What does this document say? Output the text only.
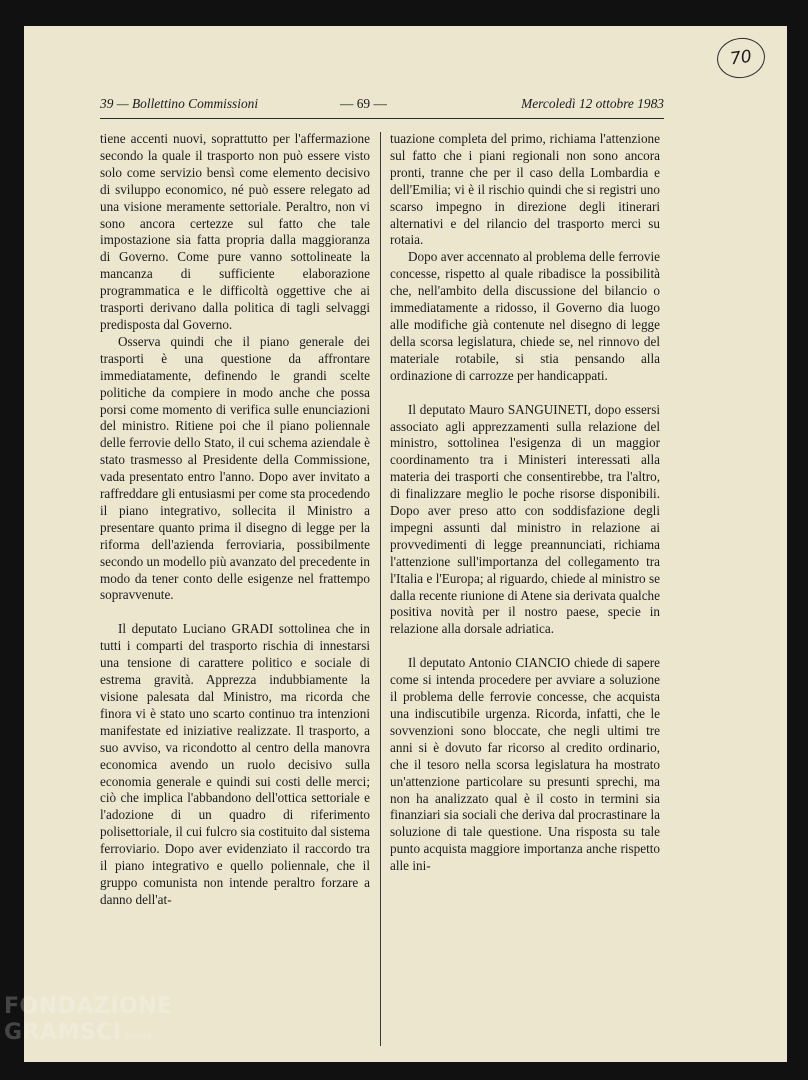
70
39 — Bollettino Commissioni	— 69 —	Mercoledì 12 ottobre 1983

tiene accenti nuovi, soprattutto per l'affermazione secondo la quale il trasporto non può essere visto solo come servizio bensì come elemento decisivo di sviluppo economico, né può essere relegato ad una visione meramente settoriale. Peraltro, non vi sono ancora certezze sul fatto che tale impostazione sia fatta propria dalla maggioranza di Governo. Come pure vanno sottolineate la mancanza di sufficiente elaborazione programmatica e le difficoltà oggettive che ai trasporti derivano dalla politica di tagli selvaggi predisposta dal Governo.

Osserva quindi che il piano generale dei trasporti è una questione da affrontare immediatamente, definendo le grandi scelte politiche da compiere in modo anche che possa porsi come momento di verifica sulle enunciazioni del ministro. Ritiene poi che il piano poliennale delle ferrovie dello Stato, il cui schema aziendale è stato trasmesso al Presidente della Commissione, vada presentato entro l'anno. Dopo aver invitato a raffreddare gli entusiasmi per come sta procedendo il piano integrativo, sollecita il Ministro a presentare quanto prima il disegno di legge per la riforma dell'azienda ferroviaria, possibilmente secondo un modello più avanzato del precedente in modo da tener conto delle esigenze nel frattempo sopravvenute.

Il deputato Luciano GRADI sottolinea che in tutti i comparti del trasporto rischia di innestarsi una tensione di carattere politico e sociale di estrema gravità. Apprezza indubbiamente la visione palesata dal Ministro, ma ricorda che finora vi è stato uno scarto continuo tra intenzioni manifestate ed iniziative realizzate. Il trasporto, a suo avviso, va ricondotto al centro della manovra economica avendo un ruolo decisivo sulla economia generale e quindi sui costi delle merci; ciò che implica l'abbandono dell'ottica settoriale e l'adozione di un quadro di riferimento polisettoriale, il cui fulcro sia costituito dal sistema ferroviario. Dopo aver evidenziato il raccordo tra il piano integrativo e quello poliennale, che il gruppo comunista non intende peraltro forzare a danno dell'at-

tuazione completa del primo, richiama l'attenzione sul fatto che i piani regionali non sono ancora pronti, tranne che per il caso della Lombardia e dell'Emilia; vi è il rischio quindi che si registri uno scarso impegno in direzione degli itinerari alternativi e del rilancio del trasporto merci su rotaia.

Dopo aver accennato al problema delle ferrovie concesse, rispetto al quale ribadisce la possibilità che, nell'ambito della discussione del bilancio o immediatamente a ridosso, il Governo dia luogo alle modifiche già contenute nel disegno di legge della scorsa legislatura, chiede se, nel rinnovo del materiale rotabile, si stia pensando alla ordinazione di carrozze per handicappati.

Il deputato Mauro SANGUINETI, dopo essersi associato agli apprezzamenti sulla relazione del ministro, sottolinea l'esigenza di un maggior coordinamento tra i Ministeri interessati alla materia dei trasporti che consentirebbe, tra l'altro, di finalizzare meglio le poche risorse disponibili. Dopo aver preso atto con soddisfazione degli impegni assunti dal ministro in relazione ai provvedimenti di legge preannunciati, richiama l'attenzione sull'importanza del collegamento tra l'Italia e l'Europa; al riguardo, chiede al ministro se dalla recente riunione di Atene sia derivata qualche positiva novità per il nostro paese, specie in relazione alla dorsale adriatica.

Il deputato Antonio CIANCIO chiede di sapere come si intenda procedere per avviare a soluzione il problema delle ferrovie concesse, che acquista una indiscutibile urgenza. Ricorda, infatti, che le sovvenzioni sono bloccate, che negli ultimi tre anni si è dovuto far ricorso al credito ordinario, che il tesoro nella scorsa legislatura ha mostrato un'attenzione particolare su presunti sprechi, ma non ha analizzato qual è il costo in termini sia finanziari sia sociali che deriva dal procrastinare la soluzione di tale questione. Una risposta su tale punto acquista maggiore importanza anche rispetto alle ini-

FONDAZIONE
GRAMSCI onlus
